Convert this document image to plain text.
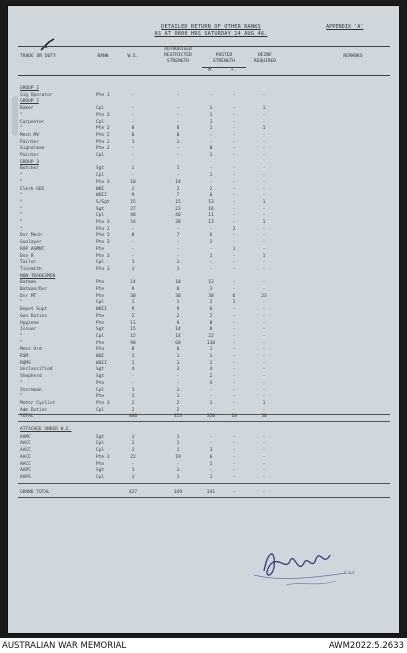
DETAILED RETURN OF OTHER RANKS
AS AT 0800 HRS SATURDAY 24 AUG 46.
APPENDIX 'A'
TRADE OR DUTY	RANK	W.E.
AUTHORISED
RESTRICTED
STRENGTH
POSTED
STRENGTH
DEINF
REQUIRED
REMARKS
M.	F.
GROUP I
Sig Operator	Pte 1	-	-	-	-	-
GROUP 2
Baker	Cpl	-	-	1	-	1
"	Pte 2	-	-	1	-	-
Carpenter	Cpl	-	-	1	-	-
"	Pte 2	8	8	1	-	1
Mech MV	Pte 2	8	8	-	-	-
Painter	Pte 2	1	1	-	-	-
Signalman	Pte 2	-	-	8	-	-
Painter	Cpl	-	-	1	-	-
GROUP 3
Butcher	Sgt	1	1	-	-	-
"	Cpl	-	-	1	-	-
"	Pte 3	18	18	-	-	-
Clerk GDI	WOI	2	2	2	-	-
"	WOII	9	7	6	-	-
"	S/Sgt	15	15	13	-	1
"	Sgt	27	23	16	-	-
"	Cpl	40	40	11	-	-
"	Pte 3	54	30	13	-	1
"	Pte 2	-	-	-	2	-
Dvr Mech	Pte 3	8	7	6	-	-
Gunlayer	Pte 3	-	-	2	-	-
RAP ASMNT	Pte	-	-	-	1	-
Dsn R	Pte 3	-	-	1	-	1
Tailor	Cpl	1	1	-	-	-
Tinsmith	Pte 3	1	1	-	-	-
NON-TRADESMEN
Batman	Pte	14	10	13	-	-
Batman/Dvr	Pte	9	8	3	-	-
Dvr MT	Pte	30	30	30	6	23
"	Cpl	1	1	2	1	-
Depot Supt	WOII	9	9	6	-	-
Gen Duties	Pte	2	2	2	-	-
Hygiene	Pte	11	9	8	-	-
Issuer	Sgt	15	14	8	-	-
"	Cpl	15	14	22	-	-
"	Pte	90	60	130	-	-
Mess Ord	Pte	8	8	1	-	-
RSM	WOI	1	1	1	-	-
RQMS	WOII	1	1	1	-	-
Unclassified	Sgt	4	3	4	-	-
Shepherd	Sgt	-	-	2	-	-
"	Pte	-	-	4	-	-
Storeman	Cpl	1	1	-	-	-
"	Pte	1	1	-	-	-
Motor Cyclist	Pte 3	2	2	1	-	1
Adm Duties	Cpl	2	2	-	-	-
TOTAL	400	323	320	10	30
ATTACHED UNDER W.E.
AAMC	Sgt	1	1	-	-	-
AACC	Cpl	1	1	-	-	-
AACC	Cpl	1	1	3	-	-
AACC	Pte 3	22	19	6	-	-
AACC	Pte	-	-	1	-	-
AAPC	Sgt	1	1	-	-	-
AAPS	Cpl	1	1	1	-	-
GRAND TOTAL	427	349	341	-	-
Capt
AUSTRALIAN WAR MEMORIAL	AWM2022.5.2633
